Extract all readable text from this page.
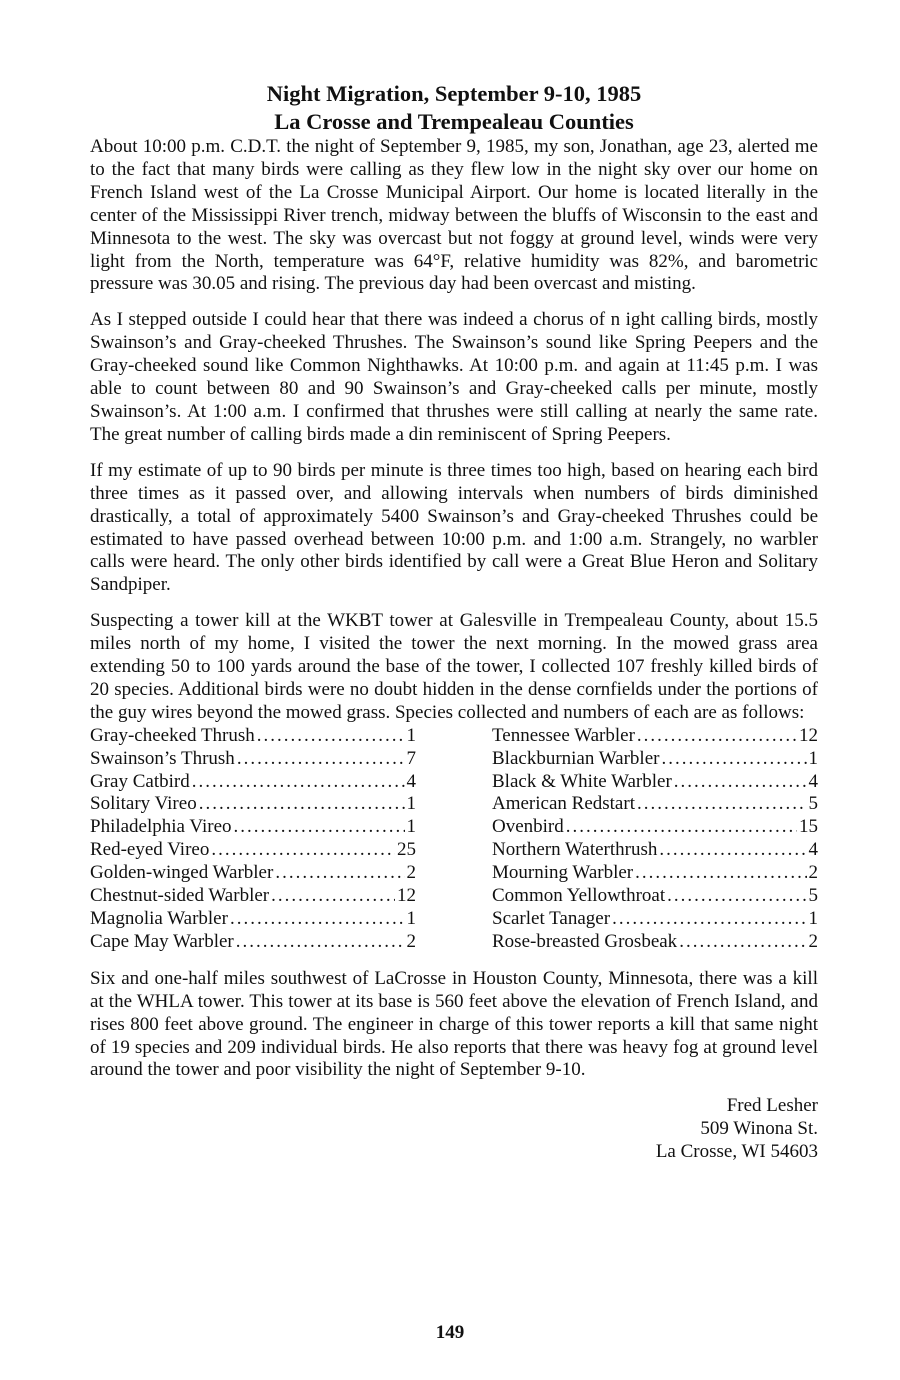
Night Migration, September 9-10, 1985
La Crosse and Trempealeau Counties

About 10:00 p.m. C.D.T. the night of September 9, 1985, my son, Jonathan, age 23, alerted me to the fact that many birds were calling as they flew low in the night sky over our home on French Island west of the La Crosse Municipal Airport. Our home is located literally in the center of the Mississippi River trench, midway between the bluffs of Wisconsin to the east and Minnesota to the west. The sky was overcast but not foggy at ground level, winds were very light from the North, temperature was 64°F, relative humidity was 82%, and barometric pressure was 30.05 and rising. The previous day had been overcast and misting.

As I stepped outside I could hear that there was indeed a chorus of n ight calling birds, mostly Swainson’s and Gray-cheeked Thrushes. The Swainson’s sound like Spring Peepers and the Gray-cheeked sound like Common Nighthawks. At 10:00 p.m. and again at 11:45 p.m. I was able to count between 80 and 90 Swainson’s and Gray-cheeked calls per minute, mostly Swainson’s. At 1:00 a.m. I confirmed that thrushes were still calling at nearly the same rate. The great number of calling birds made a din reminiscent of Spring Peepers.

If my estimate of up to 90 birds per minute is three times too high, based on hearing each bird three times as it passed over, and allowing intervals when numbers of birds diminished drastically, a total of approximately 5400 Swainson’s and Gray-cheeked Thrushes could be estimated to have passed overhead between 10:00 p.m. and 1:00 a.m. Strangely, no warbler calls were heard. The only other birds identified by call were a Great Blue Heron and Solitary Sandpiper.

Suspecting a tower kill at the WKBT tower at Galesville in Trempealeau County, about 15.5 miles north of my home, I visited the tower the next morning. In the mowed grass area extending 50 to 100 yards around the base of the tower, I collected 107 freshly killed birds of 20 species. Additional birds were no doubt hidden in the dense cornfields under the portions of the guy wires beyond the mowed grass. Species collected and numbers of each are as follows:

Gray-cheeked Thrush .....	1
Swainson’s Thrush .....	7
Gray Catbird .....	4
Solitary Vireo .....	1
Philadelphia Vireo .....	1
Red-eyed Vireo .....	25
Golden-winged Warbler .....	2
Chestnut-sided Warbler .....	12
Magnolia Warbler .....	1
Cape May Warbler .....	2
Tennessee Warbler .....	12
Blackburnian Warbler .....	1
Black & White Warbler .....	4
American Redstart .....	5
Ovenbird .....	15
Northern Waterthrush .....	4
Mourning Warbler .....	2
Common Yellowthroat .....	5
Scarlet Tanager .....	1
Rose-breasted Grosbeak .....	2

Six and one-half miles southwest of LaCrosse in Houston County, Minnesota, there was a kill at the WHLA tower. This tower at its base is 560 feet above the elevation of French Island, and rises 800 feet above ground. The engineer in charge of this tower reports a kill that same night of 19 species and 209 individual birds. He also reports that there was heavy fog at ground level around the tower and poor visibility the night of September 9-10.

Fred Lesher
509 Winona St.
La Crosse, WI 54603
149
